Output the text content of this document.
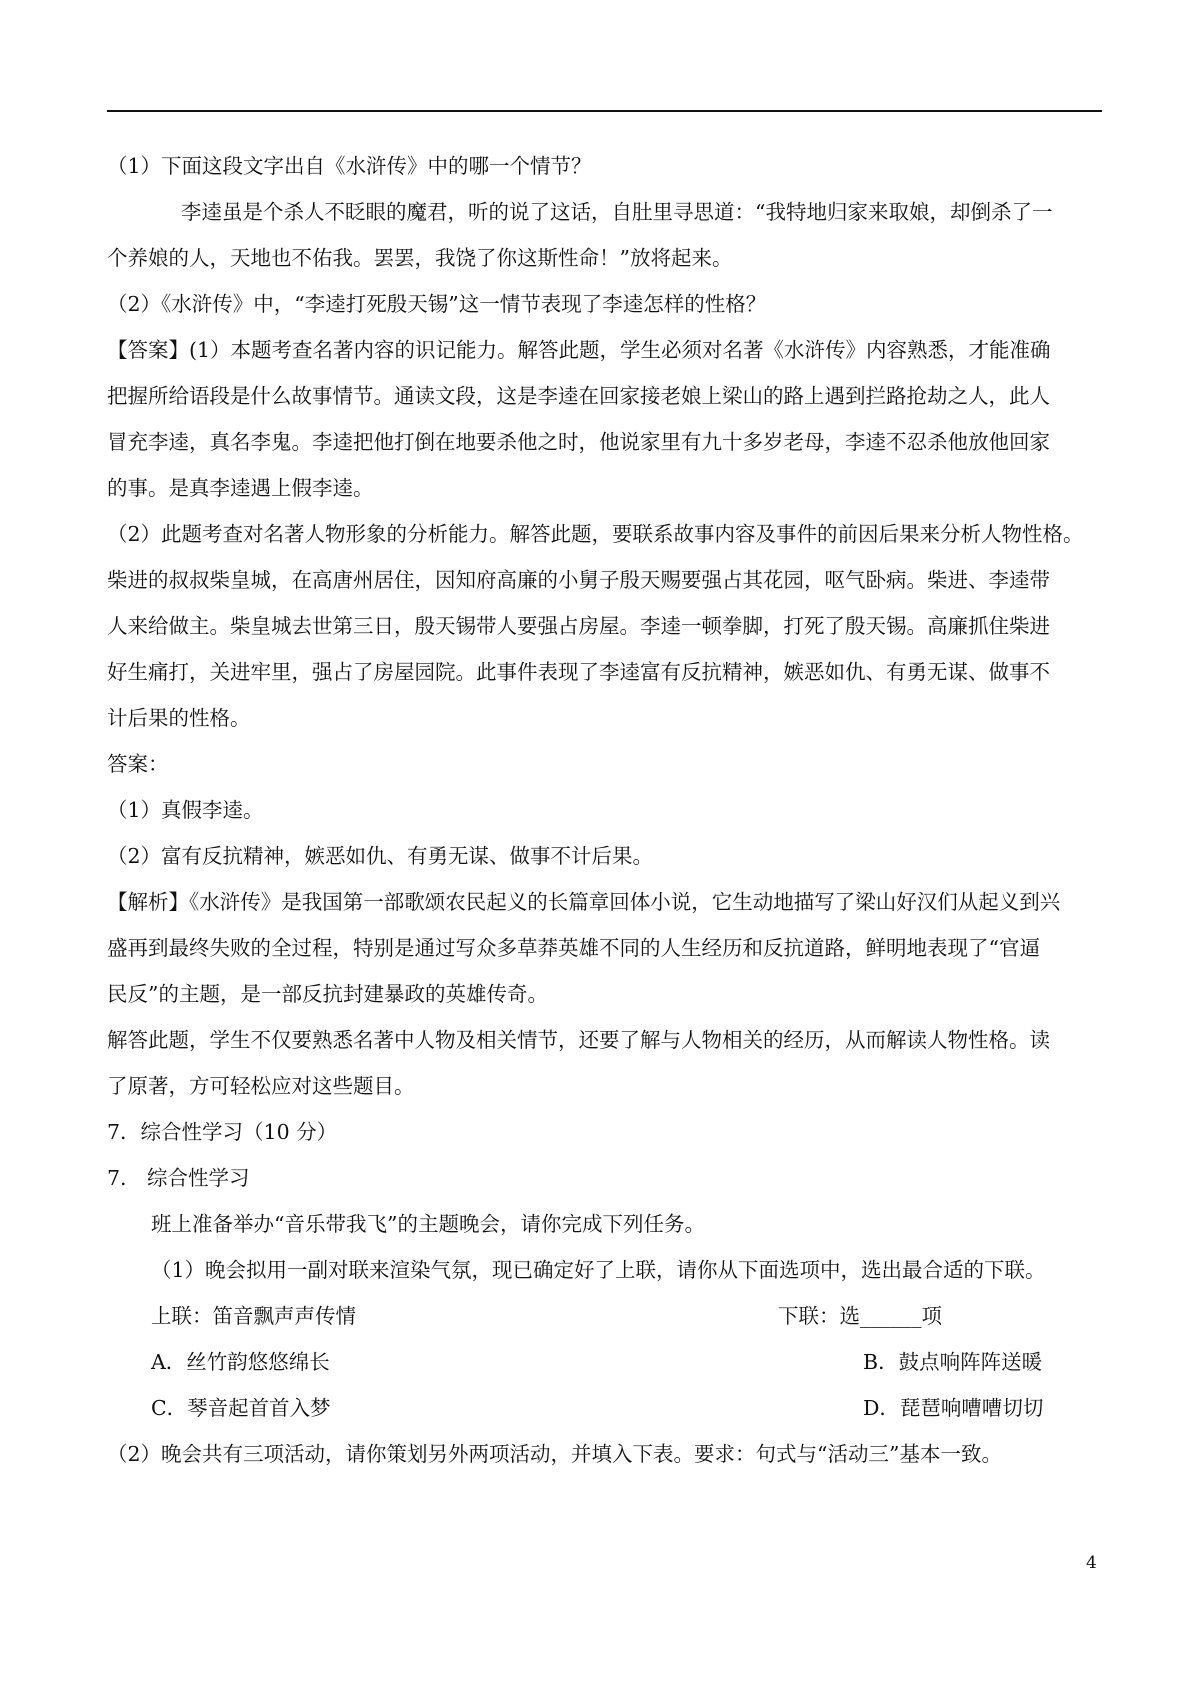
（1）下面这段文字出自《水浒传》中的哪一个情节？
李逵虽是个杀人不眨眼的魔君，听的说了这话，自肚里寻思道：“我特地归家来取娘，却倒杀了一
个养娘的人，天地也不佑我。罢罢，我饶了你这斯性命！”放将起来。
（2）《水浒传》中，“李逵打死殷天锡”这一情节表现了李逵怎样的性格？
【答案】(1）本题考查名著内容的识记能力。解答此题，学生必须对名著《水浒传》内容熟悉，才能准确
把握所给语段是什么故事情节。通读文段，这是李逵在回家接老娘上梁山的路上遇到拦路抢劫之人，此人
冒充李逵，真名李鬼。李逵把他打倒在地要杀他之时，他说家里有九十多岁老母，李逵不忍杀他放他回家
的事。是真李逵遇上假李逵。
（2）此题考查对名著人物形象的分析能力。解答此题，要联系故事内容及事件的前因后果来分析人物性格。
柴进的叔叔柴皇城，在高唐州居住，因知府高廉的小舅子殷天赐要强占其花园，呕气卧病。柴进、李逵带
人来给做主。柴皇城去世第三日，殷天锡带人要强占房屋。李逵一顿拳脚，打死了殷天锡。高廉抓住柴进
好生痛打，关进牢里，强占了房屋园院。此事件表现了李逵富有反抗精神，嫉恶如仇、有勇无谋、做事不
计后果的性格。
答案：
（1）真假李逵。
（2）富有反抗精神，嫉恶如仇、有勇无谋、做事不计后果。
【解析】《水浒传》是我国第一部歌颂农民起义的长篇章回体小说，它生动地描写了梁山好汉们从起义到兴
盛再到最终失败的全过程，特别是通过写众多草莽英雄不同的人生经历和反抗道路，鲜明地表现了“官逼
民反”的主题，是一部反抗封建暴政的英雄传奇。
解答此题，学生不仅要熟悉名著中人物及相关情节，还要了解与人物相关的经历，从而解读人物性格。读
了原著，方可轻松应对这些题目。
7．综合性学习（10 分）
7.　综合性学习
班上准备举办“音乐带我飞”的主题晚会，请你完成下列任务。
（1）晚会拟用一副对联来渲染气氛，现已确定好了上联，请你从下面选项中，选出最合适的下联。
上联：笛音飘声声传情	下联：选______项
A．丝竹韵悠悠绵长	B．鼓点响阵阵送暖
C．琴音起首首入梦	D．琵琶响嘈嘈切切
（2）晚会共有三项活动，请你策划另外两项活动，并填入下表。要求：句式与“活动三”基本一致。
4
